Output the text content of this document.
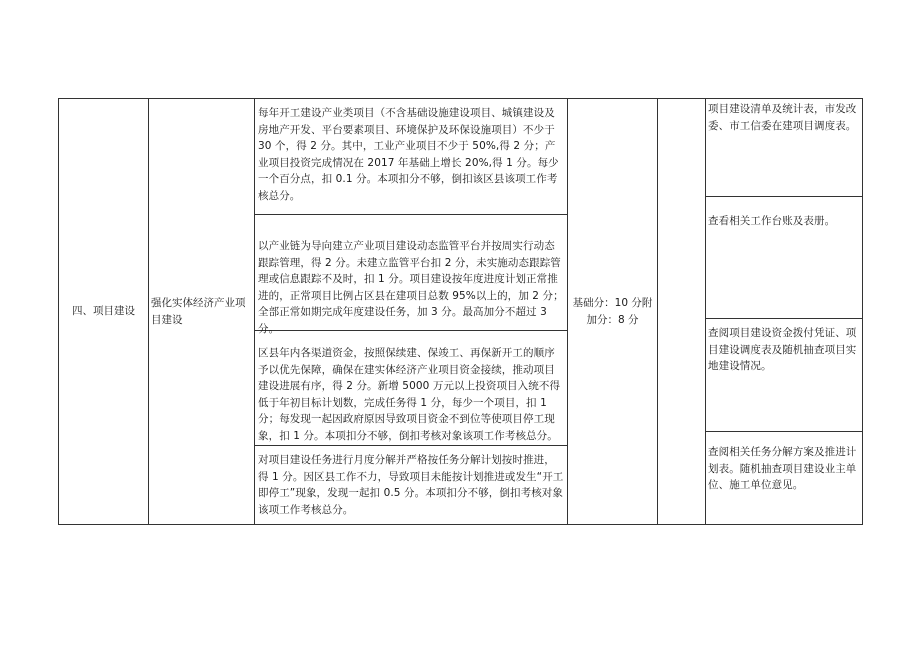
四、项目建设
强化实体经济产业项目建设
每年开工建设产业类项目（不含基础设施建设项目、城镇建设及房地产开发、平台要素项目、环境保护及环保设施项目）不少于 30 个，得 2 分。其中，工业产业项目不少于 50%,得 2 分；产业项目投资完成情况在 2017 年基础上增长 20%,得 1 分。每少一个百分点，扣 0.1 分。本项扣分不够，倒扣该区县该项工作考核总分。
以产业链为导向建立产业项目建设动态监管平台并按周实行动态跟踪管理，得 2 分。未建立监管平台扣 2 分，未实施动态跟踪管理或信息跟踪不及时，扣 1 分。项目建设按年度进度计划正常推进的，正常项目比例占区县在建项目总数 95%以上的，加 2 分；全部正常如期完成年度建设任务，加 3 分。最高加分不超过 3 分。
区县年内各渠道资金，按照保续建、保竣工、再保新开工的顺序予以优先保障，确保在建实体经济产业项目资金接续，推动项目建设进展有序，得 2 分。新增 5000 万元以上投资项目入统不得低于年初目标计划数，完成任务得 1 分，每少一个项目，扣 1 分；每发现一起因政府原因导致项目资金不到位等使项目停工现象，扣 1 分。本项扣分不够，倒扣考核对象该项工作考核总分。
对项目建设任务进行月度分解并严格按任务分解计划按时推进，得 1 分。因区县工作不力，导致项目未能按计划推进或发生“开工即停工”现象，发现一起扣 0.5 分。本项扣分不够，倒扣考核对象该项工作考核总分。
基础分：10 分附
加分：8 分
项目建设清单及统计表，市发改委、市工信委在建项目调度表。
查看相关工作台账及表册。
查阅项目建设资金拨付凭证、项目建设调度表及随机抽查项目实地建设情况。
查阅相关任务分解方案及推进计划表。随机抽查项目建设业主单位、施工单位意见。
